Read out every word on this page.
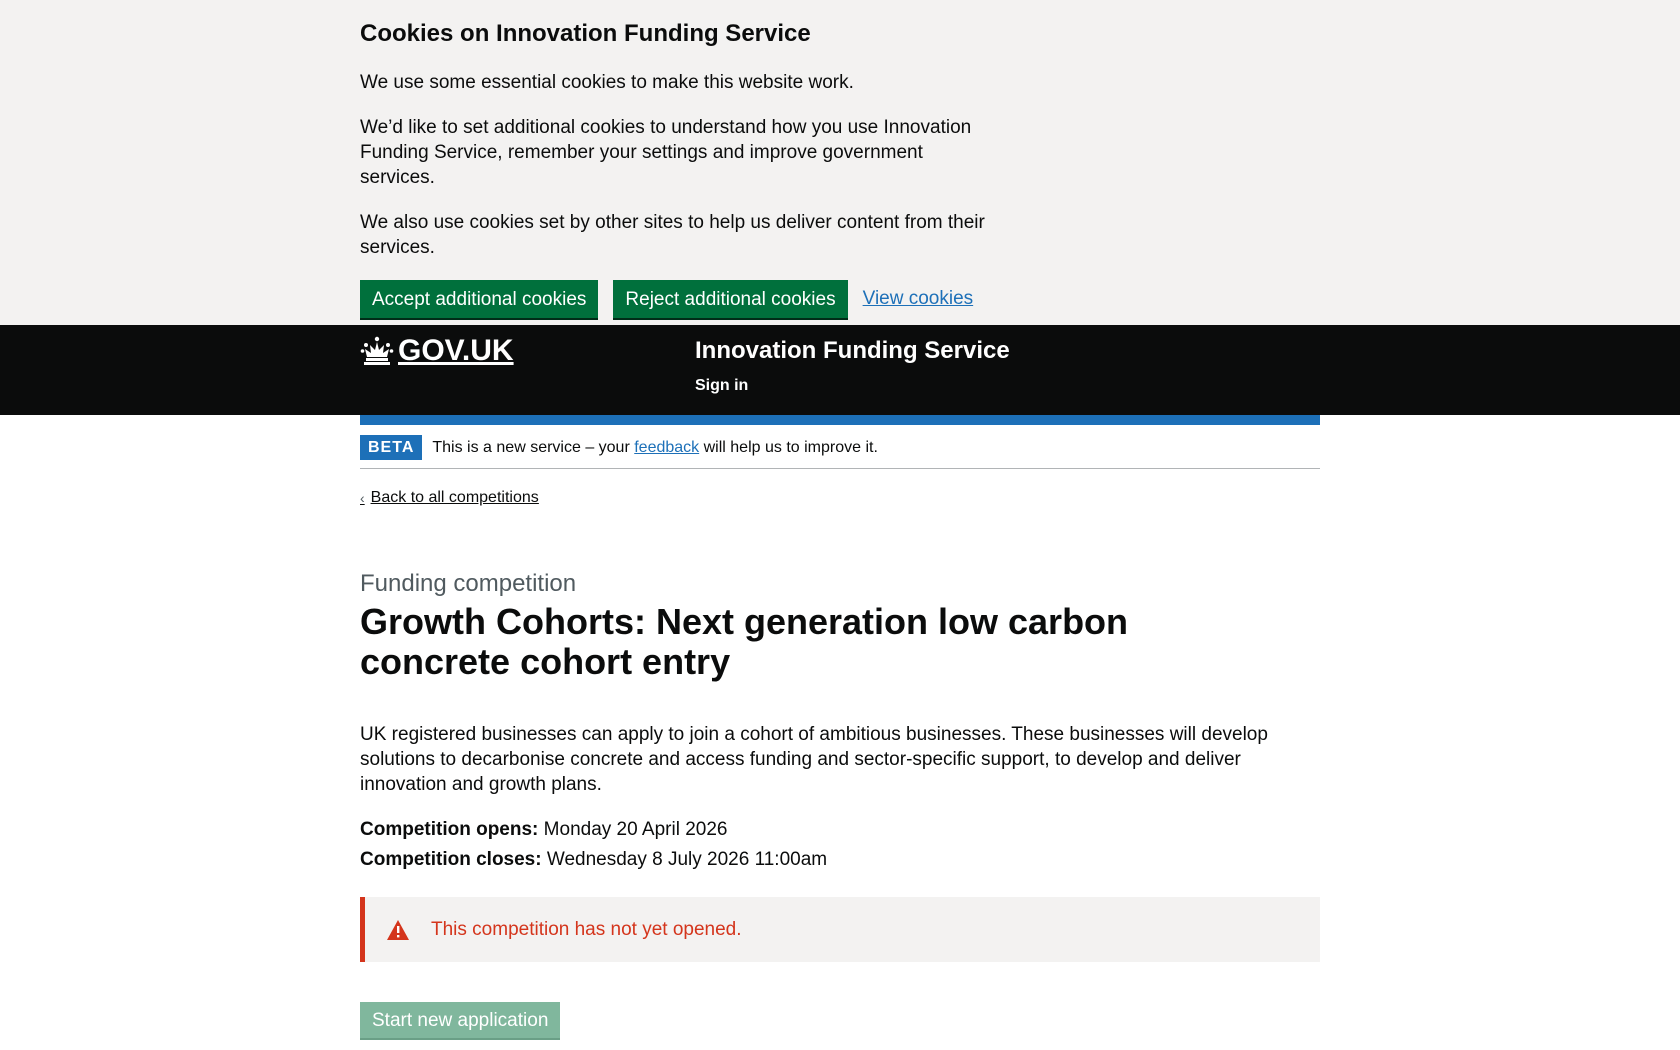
Cookies on Innovation Funding Service

We use some essential cookies to make this website work.

We’d like to set additional cookies to understand how you use Innovation Funding Service, remember your settings and improve government services.

We also use cookies set by other sites to help us deliver content from their services.

Accept additional cookies	Reject additional cookies	View cookies
GOV.UK	Innovation Funding Service
Sign in
BETA	This is a new service – your feedback will help us to improve it.
‹ Back to all competitions
Funding competition
Growth Cohorts: Next generation low carbon concrete cohort entry

UK registered businesses can apply to join a cohort of ambitious businesses. These businesses will develop solutions to decarbonise concrete and access funding and sector-specific support, to develop and deliver innovation and growth plans.

Competition opens: Monday 20 April 2026

Competition closes: Wednesday 8 July 2026 11:00am

This competition has not yet opened.
Start new application
